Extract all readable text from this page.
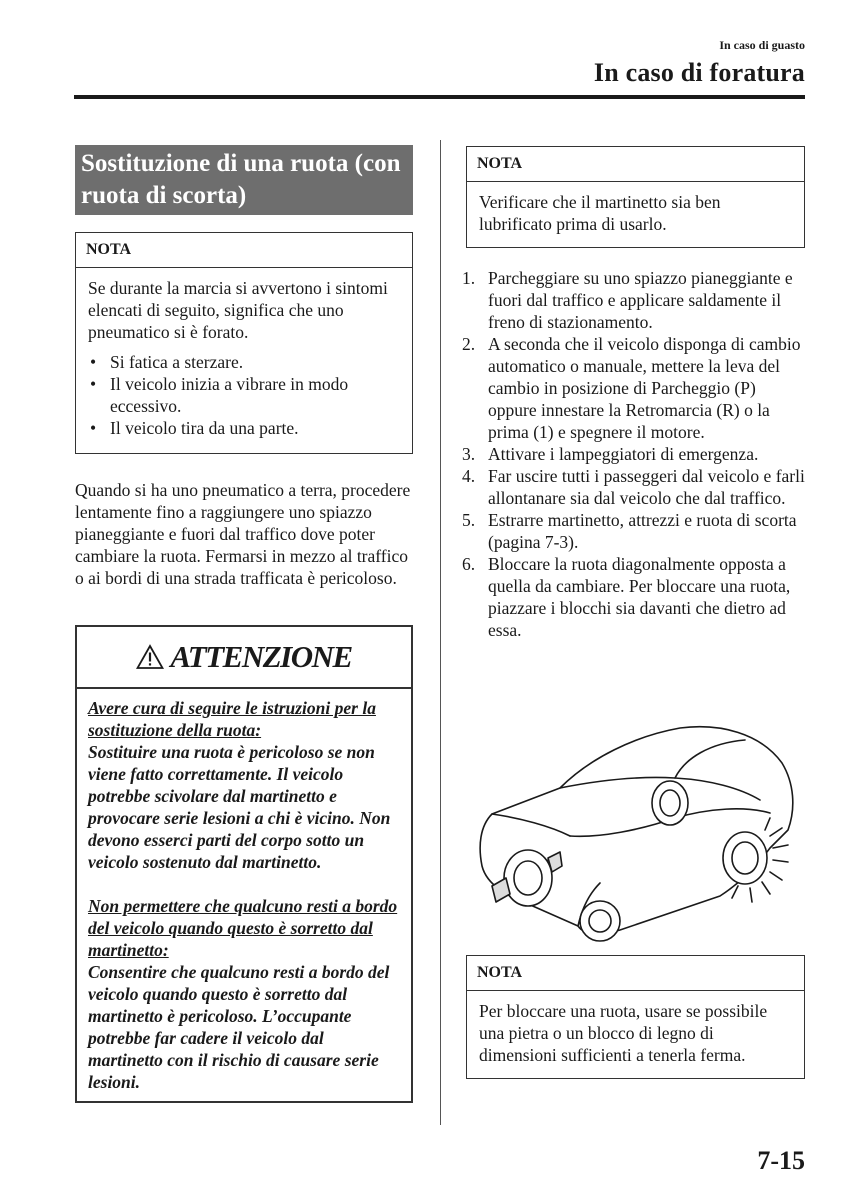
In caso di guasto
In caso di foratura
Sostituzione di una ruota (con ruota di scorta)
NOTA
Se durante la marcia si avvertono i sintomi elencati di seguito, significa che uno pneumatico si è forato.
• Si fatica a sterzare.
• Il veicolo inizia a vibrare in modo eccessivo.
• Il veicolo tira da una parte.
Quando si ha uno pneumatico a terra, procedere lentamente fino a raggiungere uno spiazzo pianeggiante e fuori dal traffico dove poter cambiare la ruota. Fermarsi in mezzo al traffico o ai bordi di una strada trafficata è pericoloso.
ATTENZIONE

Avere cura di seguire le istruzioni per la sostituzione della ruota:

Sostituire una ruota è pericoloso se non viene fatto correttamente. Il veicolo potrebbe scivolare dal martinetto e provocare serie lesioni a chi è vicino. Non devono esserci parti del corpo sotto un veicolo sostenuto dal martinetto.

Non permettere che qualcuno resti a bordo del veicolo quando questo è sorretto dal martinetto:

Consentire che qualcuno resti a bordo del veicolo quando questo è sorretto dal martinetto è pericoloso. L’occupante potrebbe far cadere il veicolo dal martinetto con il rischio di causare serie lesioni.

NOTA
Verificare che il martinetto sia ben lubrificato prima di usarlo.
1. Parcheggiare su uno spiazzo pianeggiante e fuori dal traffico e applicare saldamente il freno di stazionamento.
2. A seconda che il veicolo disponga di cambio automatico o manuale, mettere la leva del cambio in posizione di Parcheggio (P) oppure innestare la Retromarcia (R) o la prima (1) e spegnere il motore.
3. Attivare i lampeggiatori di emergenza.
4. Far uscire tutti i passeggeri dal veicolo e farli allontanare sia dal veicolo che dal traffico.
5. Estrarre martinetto, attrezzi e ruota di scorta (pagina 7-3).
6. Bloccare la ruota diagonalmente opposta a quella da cambiare. Per bloccare una ruota, piazzare i blocchi sia davanti che dietro ad essa.
NOTA
Per bloccare una ruota, usare se possibile una pietra o un blocco di legno di dimensioni sufficienti a tenerla ferma.
7-15
